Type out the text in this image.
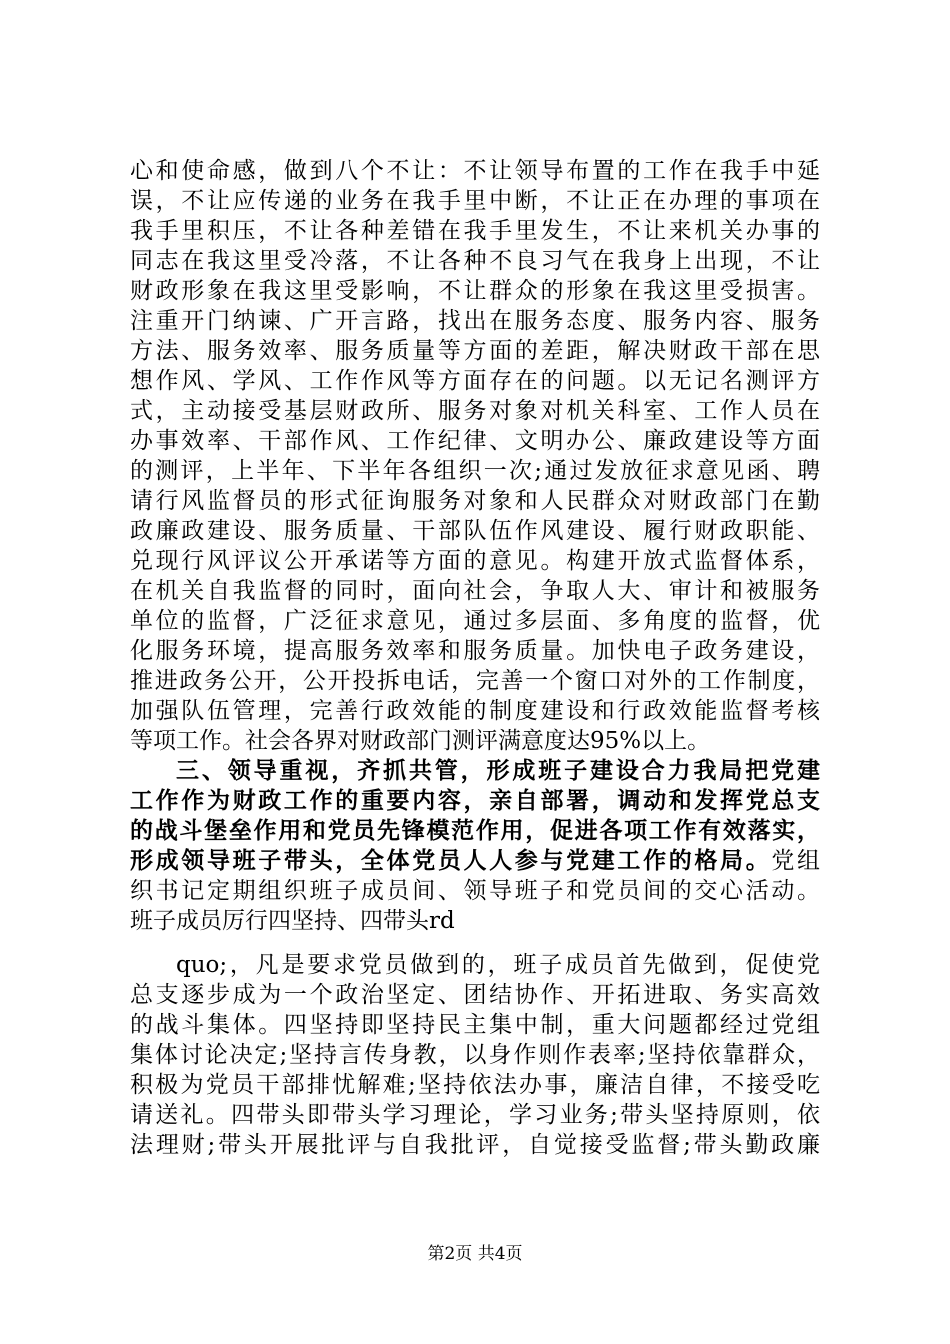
心和使命感，做到八个不让：不让领导布置的工作在我手中延
误，不让应传递的业务在我手里中断，不让正在办理的事项在
我手里积压，不让各种差错在我手里发生，不让来机关办事的
同志在我这里受冷落，不让各种不良习气在我身上出现，不让
财政形象在我这里受影响，不让群众的形象在我这里受损害。
注重开门纳谏、广开言路，找出在服务态度、服务内容、服务
方法、服务效率、服务质量等方面的差距，解决财政干部在思
想作风、学风、工作作风等方面存在的问题。以无记名测评方
式，主动接受基层财政所、服务对象对机关科室、工作人员在
办事效率、干部作风、工作纪律、文明办公、廉政建设等方面
的测评，上半年、下半年各组织一次;通过发放征求意见函、聘
请行风监督员的形式征询服务对象和人民群众对财政部门在勤
政廉政建设、服务质量、干部队伍作风建设、履行财政职能、
兑现行风评议公开承诺等方面的意见。构建开放式监督体系，
在机关自我监督的同时，面向社会，争取人大、审计和被服务
单位的监督，广泛征求意见，通过多层面、多角度的监督，优
化服务环境，提高服务效率和服务质量。加快电子政务建设，
推进政务公开，公开投拆电话，完善一个窗口对外的工作制度，
加强队伍管理，完善行政效能的制度建设和行政效能监督考核
等项工作。社会各界对财政部门测评满意度达95%以上。
三、领导重视，齐抓共管，形成班子建设合力我局把党建
工作作为财政工作的重要内容，亲自部署，调动和发挥党总支
的战斗堡垒作用和党员先锋模范作用，促进各项工作有效落实，
形成领导班子带头，全体党员人人参与党建工作的格局。党组
织书记定期组织班子成员间、领导班子和党员间的交心活动。
班子成员厉行四坚持、四带头rd
quo;，凡是要求党员做到的，班子成员首先做到，促使党
总支逐步成为一个政治坚定、团结协作、开拓进取、务实高效
的战斗集体。四坚持即坚持民主集中制，重大问题都经过党组
集体讨论决定;坚持言传身教，以身作则作表率;坚持依靠群众，
积极为党员干部排忧解难;坚持依法办事，廉洁自律，不接受吃
请送礼。四带头即带头学习理论，学习业务;带头坚持原则，依
法理财;带头开展批评与自我批评，自觉接受监督;带头勤政廉
第2页 共4页
